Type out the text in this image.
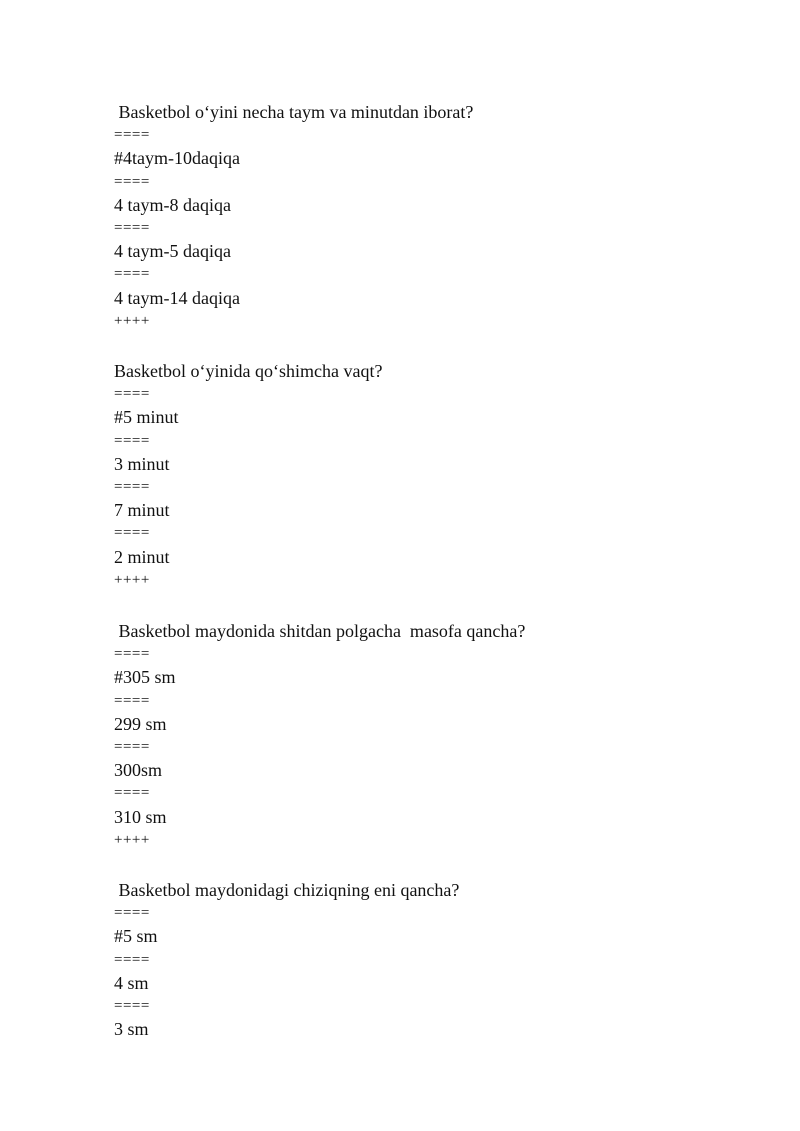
Basketbol o‘yini necha taym va minutdan iborat?
====
#4taym-10daqiqa
====
4 taym-8 daqiqa
====
4 taym-5 daqiqa
====
4 taym-14 daqiqa
++++
Basketbol o‘yinida qo‘shimcha vaqt?
====
#5 minut
====
3 minut
====
7 minut
====
2 minut
++++
Basketbol maydonida shitdan polgacha  masofa qancha?
====
#305 sm
====
299 sm
====
300sm
====
310 sm
++++
Basketbol maydonidagi chiziqning eni qancha?
====
#5 sm
====
4 sm
====
3 sm
